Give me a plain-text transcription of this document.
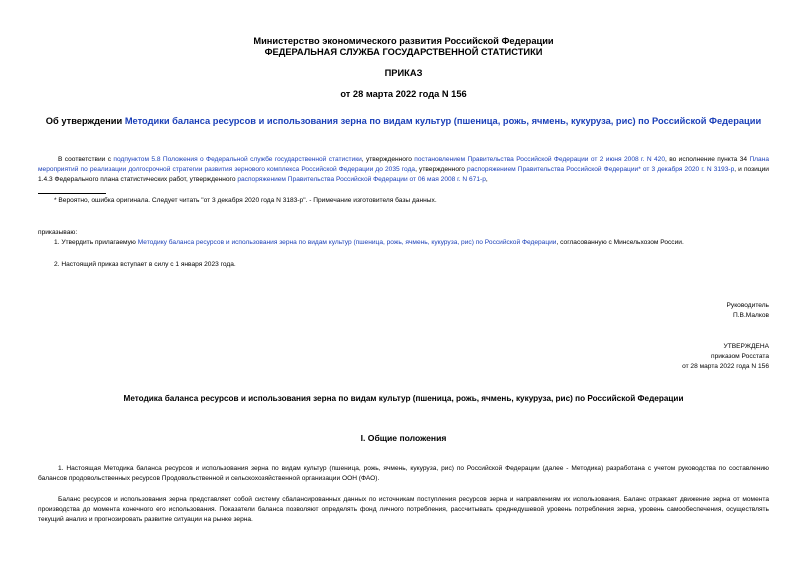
Министерство экономического развития Российской Федерации
ФЕДЕРАЛЬНАЯ СЛУЖБА ГОСУДАРСТВЕННОЙ СТАТИСТИКИ
ПРИКАЗ
от 28 марта 2022 года N 156
Об утверждении Методики баланса ресурсов и использования зерна по видам культур (пшеница, рожь, ячмень, кукуруза, рис) по Российской Федерации
В соответствии с подпунктом 5.8 Положения о Федеральной службе государственной статистики, утвержденного постановлением Правительства Российской Федерации от 2 июня 2008 г. N 420, во исполнение пункта 34 Плана мероприятий по реализации долгосрочной стратегии развития зернового комплекса Российской Федерации до 2035 года, утвержденного распоряжением Правительства Российской Федерации* от 3 декабря 2020 г. N 3193-р, и позиции 1.4.3 Федерального плана статистических работ, утвержденного распоряжением Правительства Российской Федерации от 06 мая 2008 г. N 671-р,
* Вероятно, ошибка оригинала. Следует читать "от 3 декабря 2020 года N 3183-р". - Примечание изготовителя базы данных.
приказываю:
1. Утвердить прилагаемую Методику баланса ресурсов и использования зерна по видам культур (пшеница, рожь, ячмень, кукуруза, рис) по Российской Федерации, согласованную с Минсельхозом России.
2. Настоящий приказ вступает в силу с 1 января 2023 года.
Руководитель
П.В.Малков
УТВЕРЖДЕНА
приказом Росстата
от 28 марта 2022 года N 156
Методика баланса ресурсов и использования зерна по видам культур (пшеница, рожь, ячмень, кукуруза, рис) по Российской Федерации
I. Общие положения
1. Настоящая Методика баланса ресурсов и использования зерна по видам культур (пшеница, рожь, ячмень, кукуруза, рис) по Российской Федерации (далее - Методика) разработана с учетом руководства по составлению балансов продовольственных ресурсов Продовольственной и сельскохозяйственной организации ООН (ФАО).
Баланс ресурсов и использования зерна представляет собой систему сбалансированных данных по источникам поступления ресурсов зерна и направлениям их использования. Баланс отражает движение зерна от момента производства до момента конечного его использования. Показатели баланса позволяют определять фонд личного потребления, рассчитывать среднедушевой уровень потребления зерна, уровень самообеспечения, осуществлять текущий анализ и прогнозировать развитие ситуации на рынке зерна.
